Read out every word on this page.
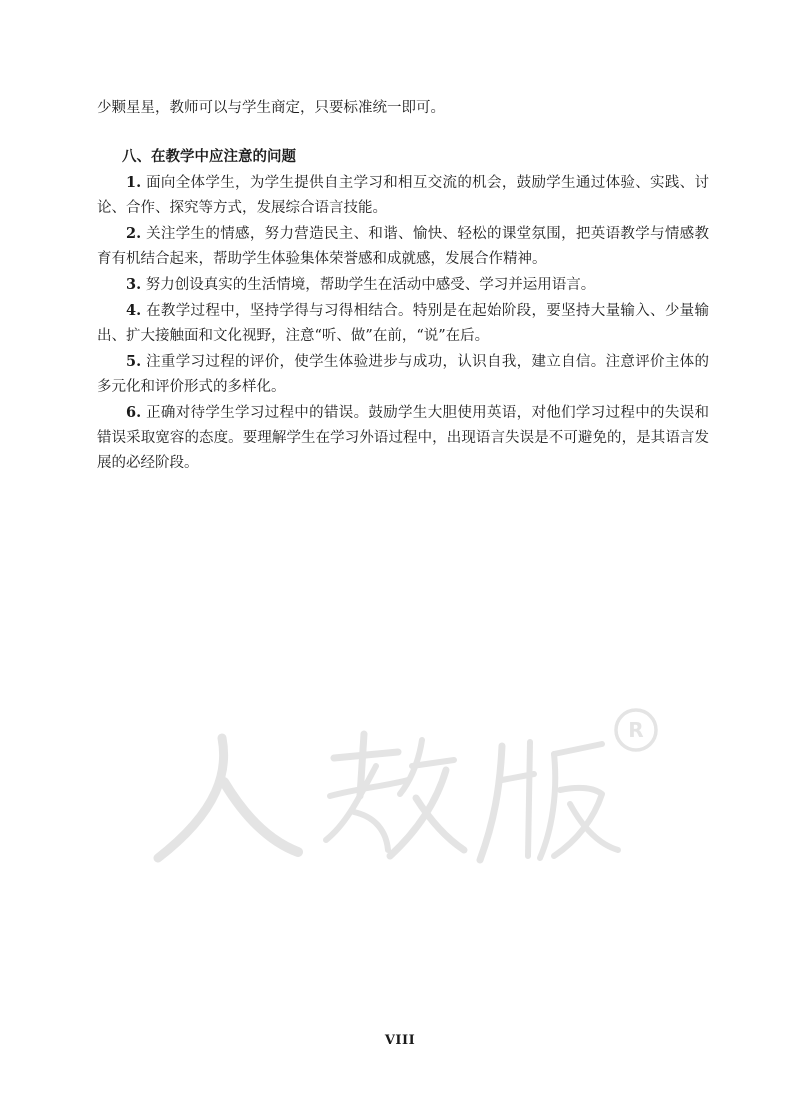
少颗星星，教师可以与学生商定，只要标准统一即可。

八、在教学中应注意的问题

1. 面向全体学生，为学生提供自主学习和相互交流的机会，鼓励学生通过体验、实践、讨论、合作、探究等方式，发展综合语言技能。

2. 关注学生的情感，努力营造民主、和谐、愉快、轻松的课堂氛围，把英语教学与情感教育有机结合起来，帮助学生体验集体荣誉感和成就感，发展合作精神。

3. 努力创设真实的生活情境，帮助学生在活动中感受、学习并运用语言。

4. 在教学过程中，坚持学得与习得相结合。特别是在起始阶段，要坚持大量输入、少量输出、扩大接触面和文化视野，注意“听、做”在前，“说”在后。

5. 注重学习过程的评价，使学生体验进步与成功，认识自我，建立自信。注意评价主体的多元化和评价形式的多样化。

6. 正确对待学生学习过程中的错误。鼓励学生大胆使用英语，对他们学习过程中的失误和错误采取宽容的态度。要理解学生在学习外语过程中，出现语言失误是不可避免的，是其语言发展的必经阶段。

R
VIII
